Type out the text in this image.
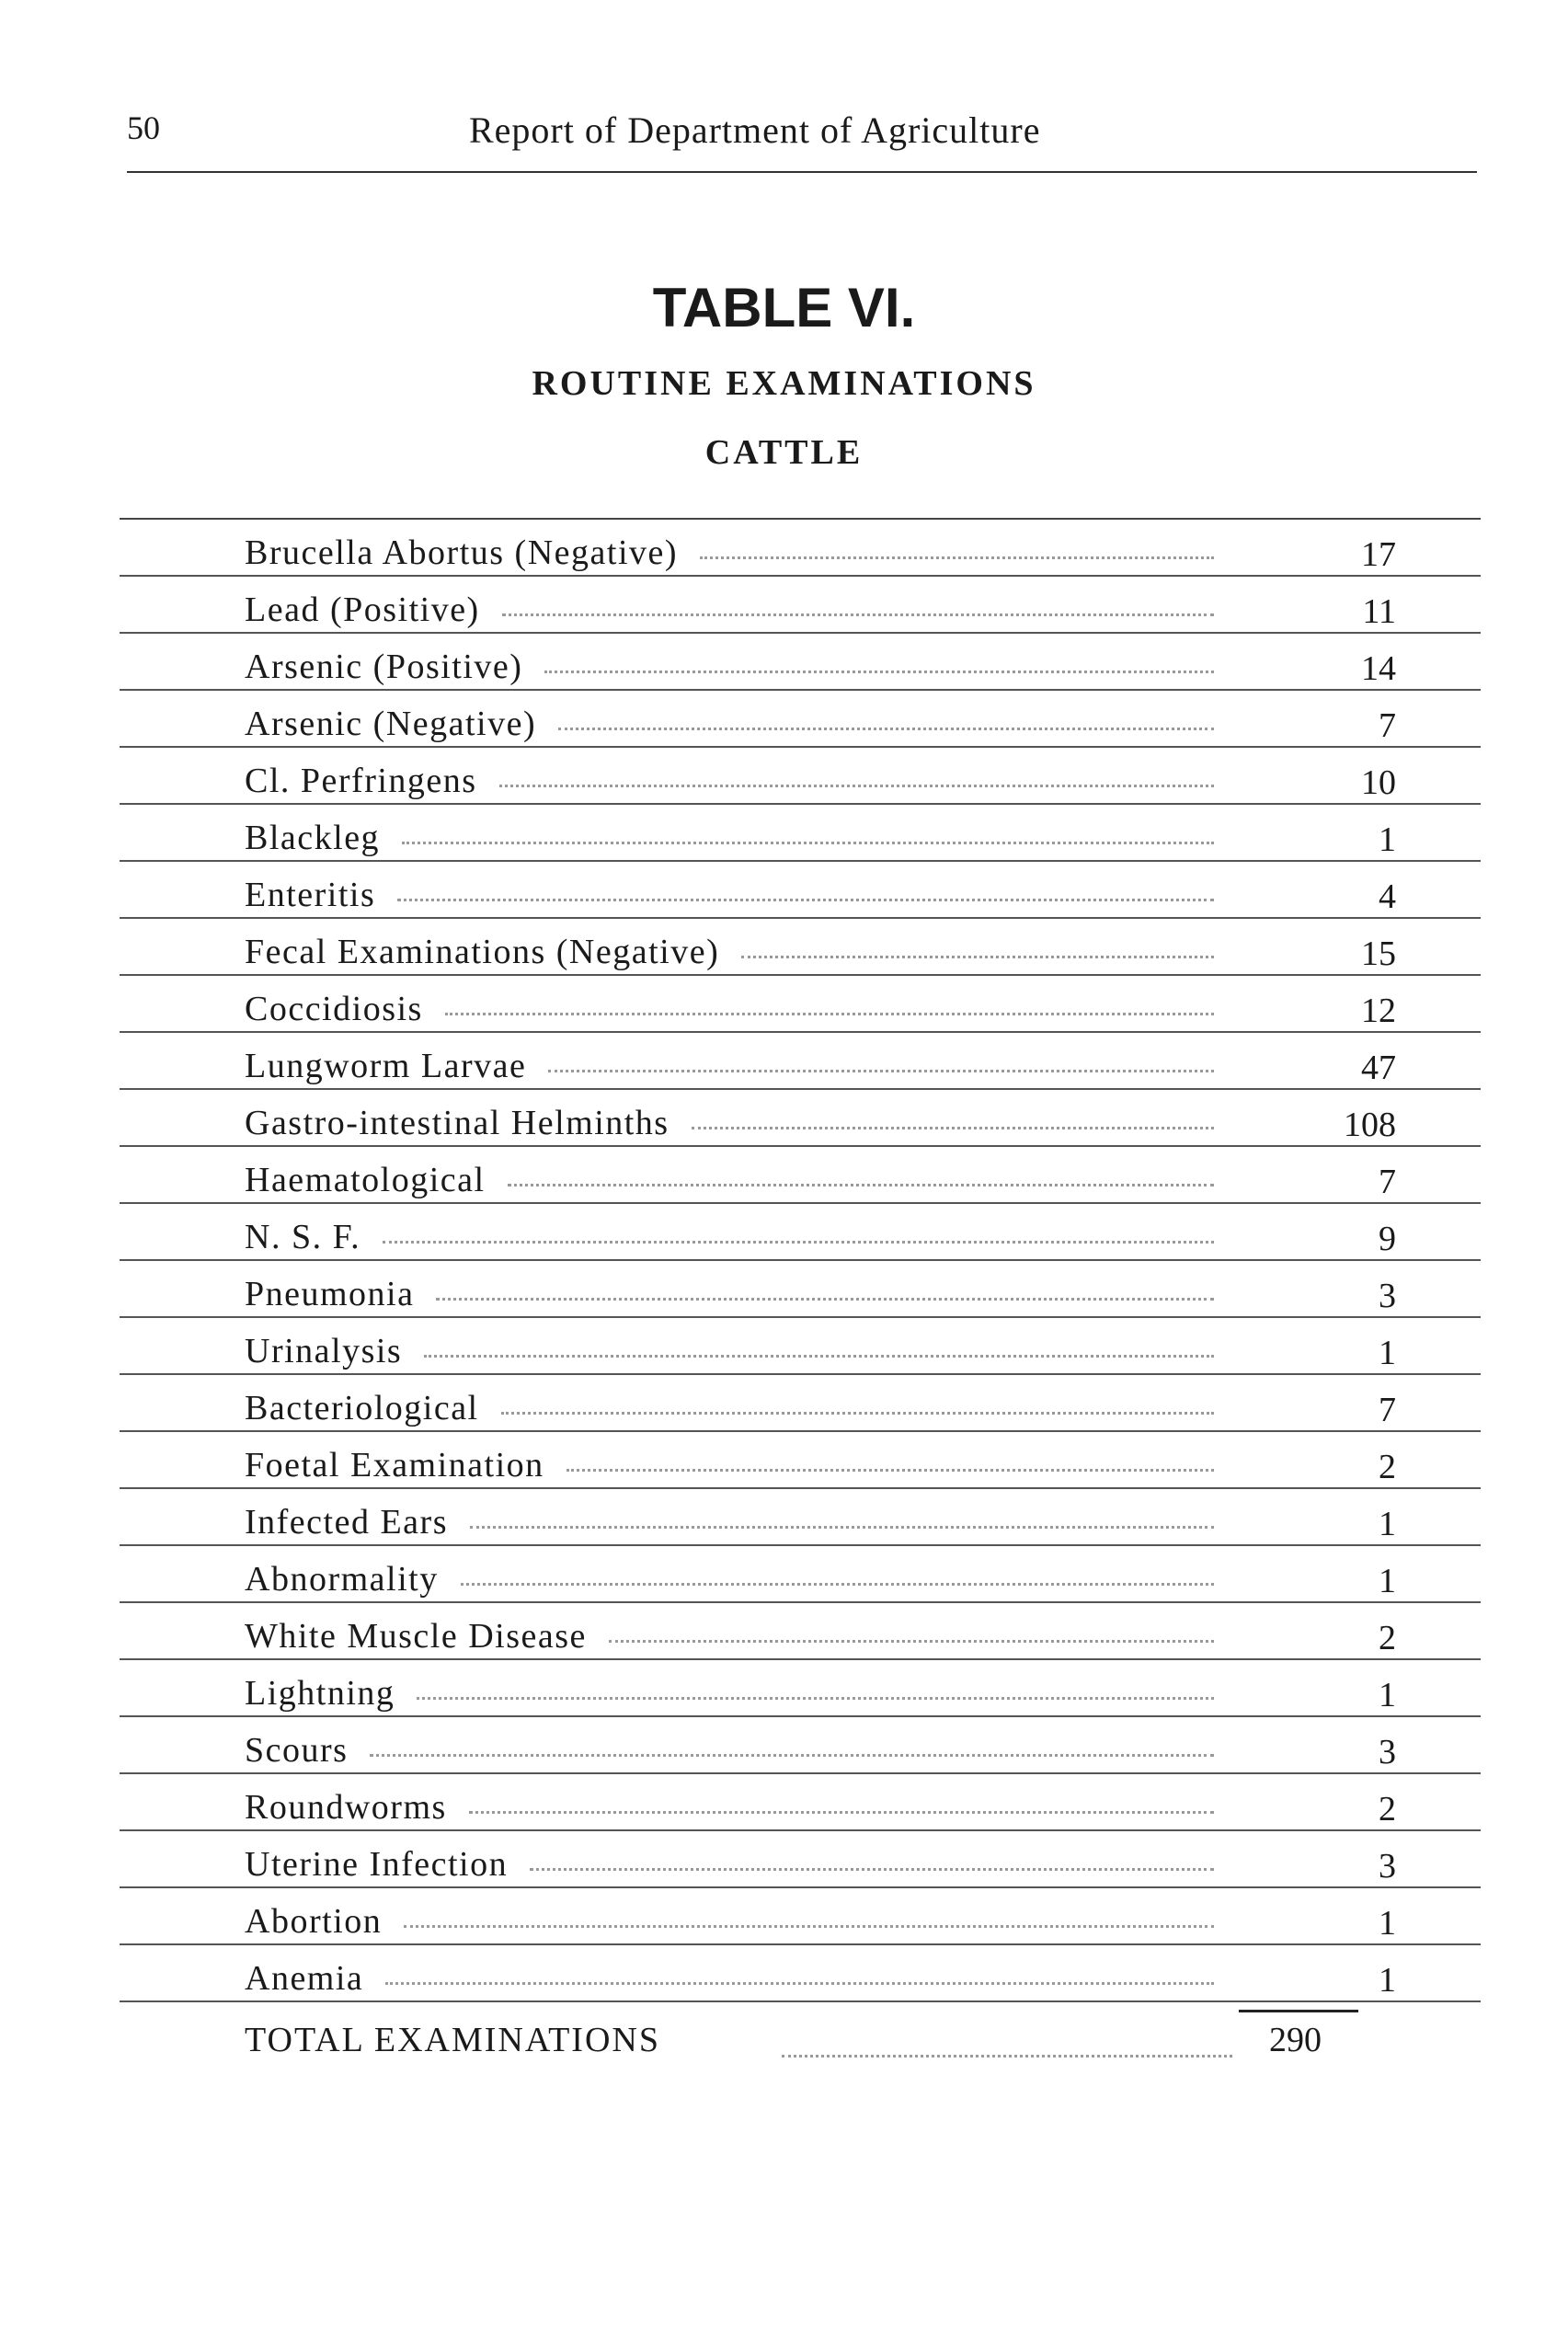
50	Report of Department of Agriculture
TABLE VI.
ROUTINE EXAMINATIONS
CATTLE
Brucella Abortus (Negative)	17
Lead (Positive)	11
Arsenic (Positive)	14
Arsenic (Negative)	7
Cl. Perfringens	10
Blackleg	1
Enteritis	4
Fecal Examinations (Negative)	15
Coccidiosis	12
Lungworm Larvae	47
Gastro-intestinal Helminths	108
Haematological	7
N. S. F.	9
Pneumonia	3
Urinalysis	1
Bacteriological	7
Foetal Examination	2
Infected Ears	1
Abnormality	1
White Muscle Disease	2
Lightning	1
Scours	3
Roundworms	2
Uterine Infection	3
Abortion	1
Anemia	1
TOTAL EXAMINATIONS	290
